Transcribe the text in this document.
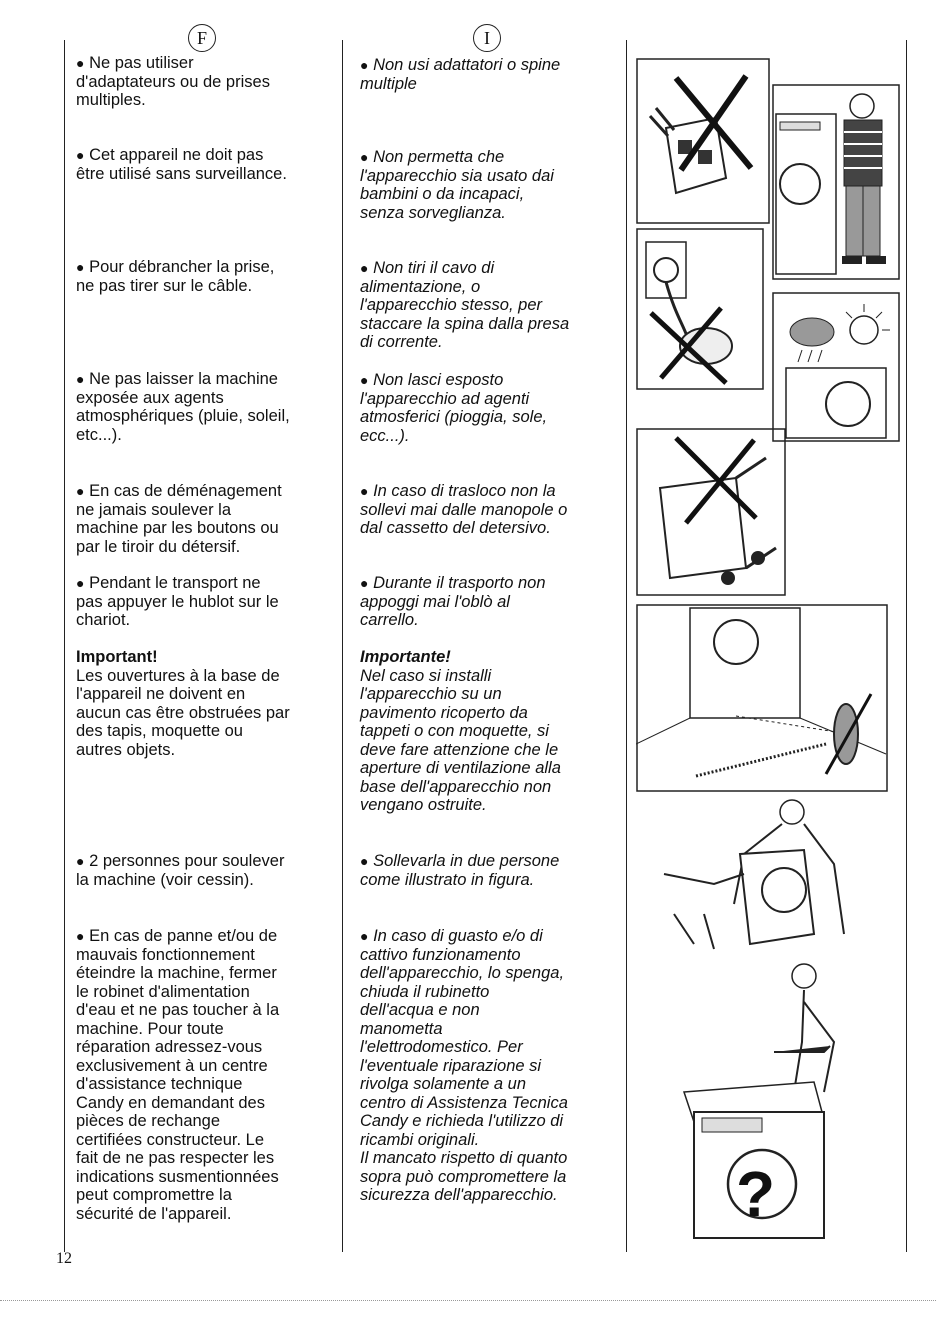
F	I
● Ne pas utiliser
d'adaptateurs ou de prises
multiples.
● Cet appareil ne doit pas
être utilisé sans surveillance.
● Pour débrancher la prise,
ne pas tirer sur le câble.
● Ne pas laisser la machine
exposée aux agents
atmosphériques (pluie, soleil,
etc...).
● En cas de déménagement
ne jamais soulever la
machine par les boutons ou
par le tiroir du détersif.
● Pendant le transport ne
pas appuyer le hublot sur le
chariot.
Important!
Les ouvertures à la base de
l'appareil ne doivent en
aucun cas être obstruées par
des tapis, moquette ou
autres objets.
● 2 personnes pour soulever
la machine (voir cessin).
● En cas de panne et/ou de
mauvais fonctionnement
éteindre la machine, fermer
le robinet d'alimentation
d'eau et ne pas toucher à la
machine. Pour toute
réparation adressez-vous
exclusivement à un centre
d'assistance technique
Candy en demandant des
pièces de rechange
certifiées constructeur. Le
fait de ne pas respecter les
indications susmentionnées
peut compromettre la
sécurité de l'appareil.
● Non usi adattatori o spine
multiple
● Non permetta che
l'apparecchio sia usato dai
bambini o da incapaci,
senza sorveglianza.
● Non tiri il cavo di
alimentazione, o
l'apparecchio stesso, per
staccare la spina dalla presa
di corrente.
● Non lasci esposto
l'apparecchio ad agenti
atmosferici (pioggia, sole,
ecc...).
● In caso di trasloco non la
sollevi mai dalle manopole o
dal cassetto del detersivo.
● Durante il trasporto non
appoggi mai l'oblò al
carrello.
Importante!
Nel caso si installi
l'apparecchio su un
pavimento ricoperto da
tappeti o con moquette, si
deve fare attenzione che le
aperture di ventilazione alla
base dell'apparecchio non
vengano ostruite.
● Sollevarla in due persone
come illustrato in figura.
● In caso di guasto e/o di
cattivo funzionamento
dell'apparecchio, lo spenga,
chiuda il rubinetto
dell'acqua e non
manometta
l'elettrodomestico. Per
l'eventuale riparazione si
rivolga solamente a un
centro di Assistenza Tecnica
Candy e richieda l'utilizzo di
ricambi originali.
Il mancato rispetto di quanto
sopra può compromettere la
sicurezza dell'apparecchio.	?
12
